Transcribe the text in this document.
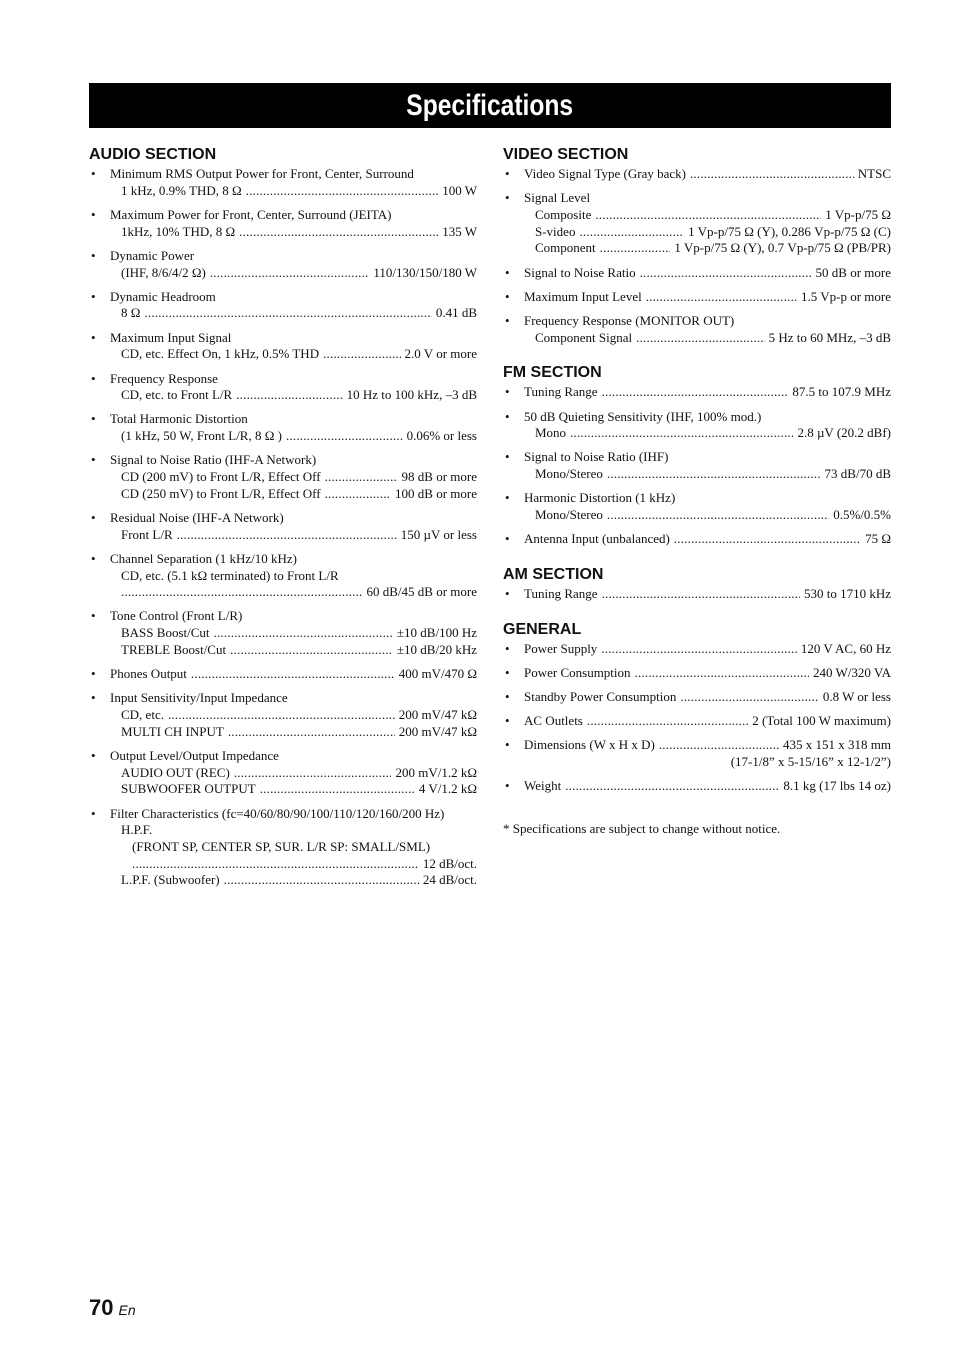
Specifications
AUDIO SECTION
• Minimum RMS Output Power for Front, Center, Surround
1 kHz, 0.9% THD, 8 Ω .....	100 W
• Maximum Power for Front, Center, Surround (JEITA)
1kHz, 10% THD, 8 Ω .....	135 W
• Dynamic Power
(IHF, 8/6/4/2 Ω) .....	110/130/150/180 W
• Dynamic Headroom
8 Ω .....	0.41 dB
• Maximum Input Signal
CD, etc. Effect On, 1 kHz, 0.5% THD .....	2.0 V or more
• Frequency Response
CD, etc. to Front L/R .....	10 Hz to 100 kHz, –3 dB
• Total Harmonic Distortion
(1 kHz, 50 W, Front L/R, 8 Ω ) .....	0.06% or less
• Signal to Noise Ratio (IHF-A Network)
CD (200 mV) to Front L/R, Effect Off .....	98 dB or more
CD (250 mV) to Front L/R, Effect Off .....	100 dB or more
• Residual Noise (IHF-A Network)
Front L/R .....	150 µV or less
• Channel Separation (1 kHz/10 kHz)
CD, etc. (5.1 kΩ terminated) to Front L/R
.....
60 dB/45 dB or more
• Tone Control (Front L/R)
BASS Boost/Cut .....	±10 dB/100 Hz
TREBLE Boost/Cut .....	±10 dB/20 kHz
• Phones Output .....	400 mV/470 Ω
• Input Sensitivity/Input Impedance
CD, etc. .....	200 mV/47 kΩ
MULTI CH INPUT .....	200 mV/47 kΩ
• Output Level/Output Impedance
AUDIO OUT (REC) .....	200 mV/1.2 kΩ
SUBWOOFER OUTPUT .....	4 V/1.2 kΩ
• Filter Characteristics (fc=40/60/80/90/100/110/120/160/200 Hz)
H.P.F.
(FRONT SP, CENTER SP, SUR. L/R SP: SMALL/SML)
.....
12 dB/oct.
L.P.F. (Subwoofer) .....	24 dB/oct.
VIDEO SECTION
• Video Signal Type (Gray back) .....	NTSC
• Signal Level
Composite .....	1 Vp-p/75 Ω
S-video .....	1 Vp-p/75 Ω (Y), 0.286 Vp-p/75 Ω (C)
Component .....	1 Vp-p/75 Ω (Y), 0.7 Vp-p/75 Ω (PB/PR)
• Signal to Noise Ratio .....	50 dB or more
• Maximum Input Level .....	1.5 Vp-p or more
• Frequency Response (MONITOR OUT)
Component Signal .....	5 Hz to 60 MHz, –3 dB
FM SECTION
• Tuning Range .....	87.5 to 107.9 MHz
• 50 dB Quieting Sensitivity (IHF, 100% mod.)
Mono .....	2.8 µV (20.2 dBf)
• Signal to Noise Ratio (IHF)
Mono/Stereo .....	73 dB/70 dB
• Harmonic Distortion (1 kHz)
Mono/Stereo .....	0.5%/0.5%
• Antenna Input (unbalanced) .....	75 Ω
AM SECTION
• Tuning Range .....	530 to 1710 kHz
GENERAL
• Power Supply .....	120 V AC, 60 Hz
• Power Consumption .....	240 W/320 VA
• Standby Power Consumption .....	0.8 W or less
• AC Outlets .....	2 (Total 100 W maximum)
• Dimensions (W x H x D) .....	435 x 151 x 318 mm
(17-1/8” x 5-15/16” x 12-1/2”)
• Weight .....	8.1 kg (17 lbs 14 oz)
* Specifications are subject to change without notice.
70 En
